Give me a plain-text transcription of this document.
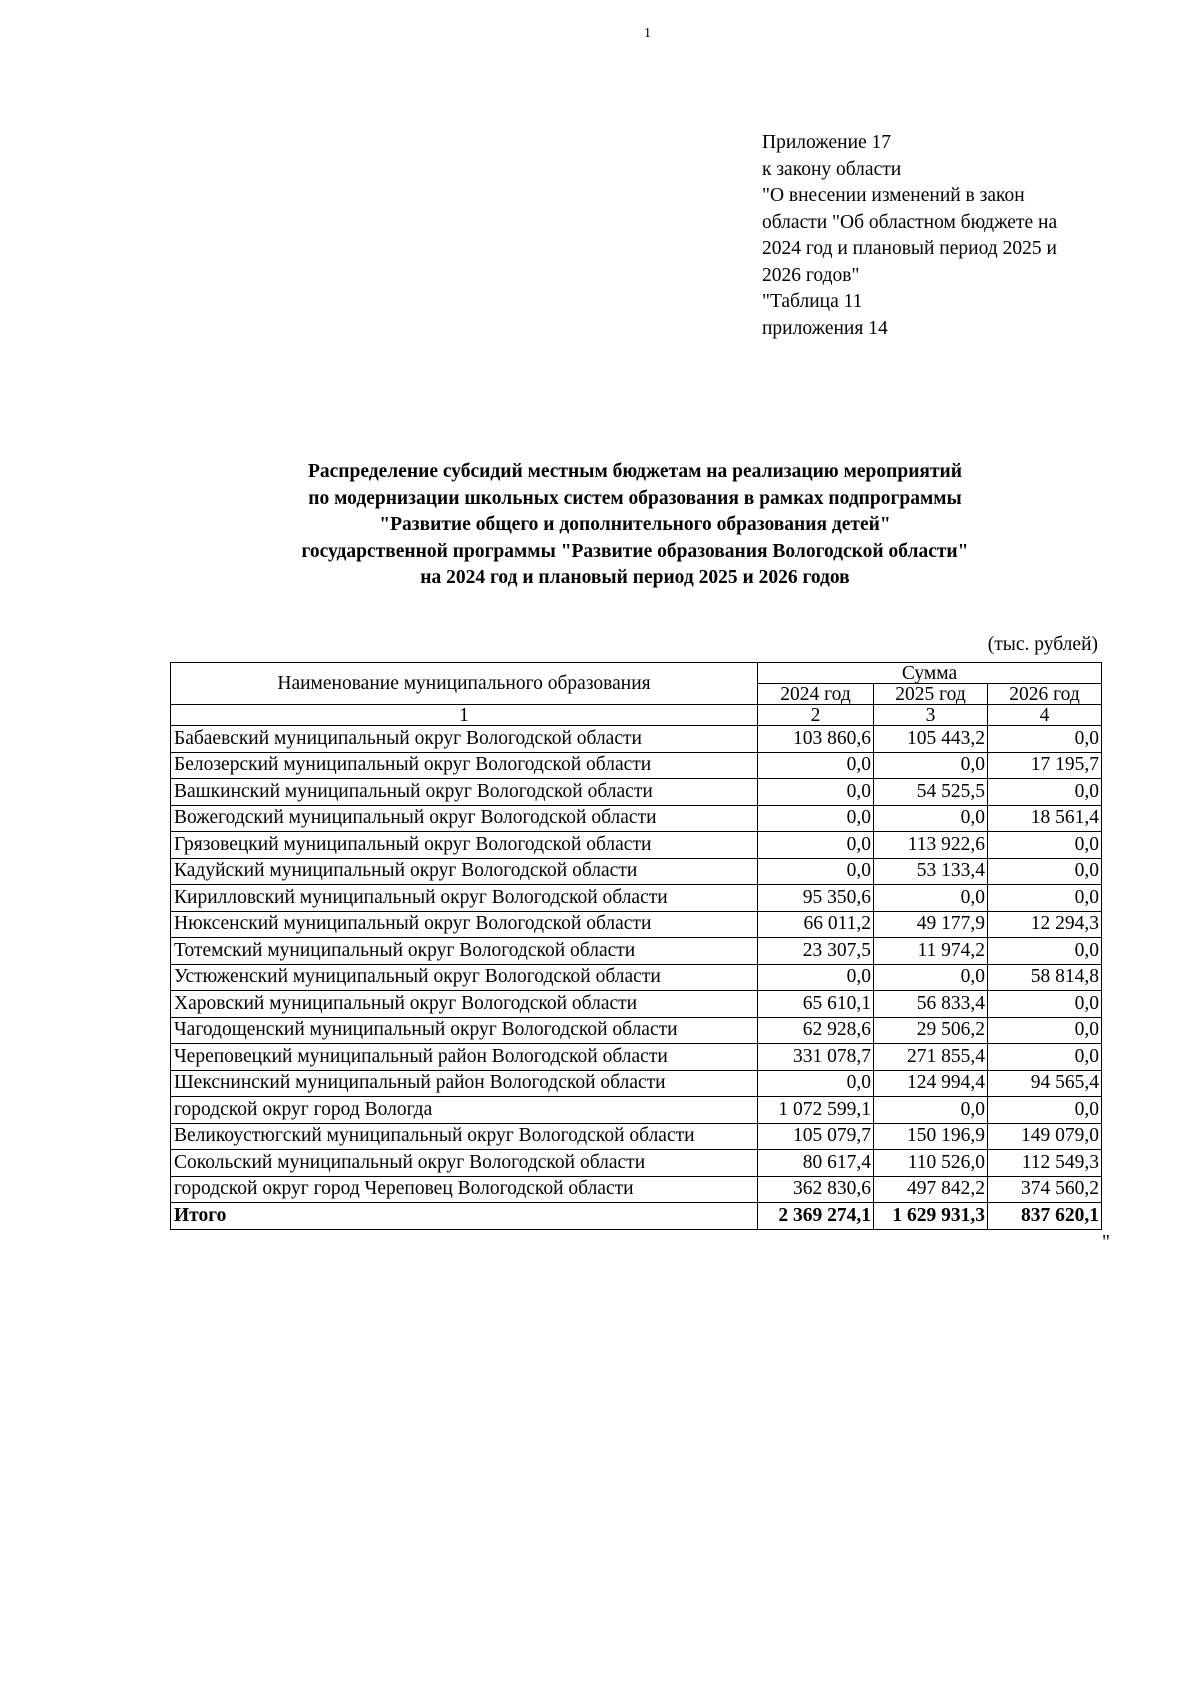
1
Приложение 17
к закону области
"О внесении изменений в закон
области "Об областном бюджете на
2024 год и плановый период 2025 и
2026 годов"
"Таблица 11
приложения 14
Распределение субсидий местным бюджетам на реализацию мероприятий
по модернизации школьных систем образования в рамках подпрограммы
"Развитие общего и дополнительного образования детей"
государственной программы "Развитие образования Вологодской области"
на 2024 год и плановый период 2025 и 2026 годов
(тыс. рублей)
Наименование муниципального образования	Сумма		
	2024 год	2025 год	2026 год
1	2	3	4
Бабаевский муниципальный округ Вологодской области	103 860,6	105 443,2	0,0
Белозерский муниципальный округ Вологодской области	0,0	0,0	17 195,7
Вашкинский муниципальный округ Вологодской области	0,0	54 525,5	0,0
Вожегодский муниципальный округ Вологодской области	0,0	0,0	18 561,4
Грязовецкий муниципальный округ Вологодской области	0,0	113 922,6	0,0
Кадуйский муниципальный округ Вологодской области	0,0	53 133,4	0,0
Кирилловский муниципальный округ Вологодской области	95 350,6	0,0	0,0
Нюксенский муниципальный округ Вологодской области	66 011,2	49 177,9	12 294,3
Тотемский муниципальный округ Вологодской области	23 307,5	11 974,2	0,0
Устюженский муниципальный округ Вологодской области	0,0	0,0	58 814,8
Харовский муниципальный округ Вологодской области	65 610,1	56 833,4	0,0
Чагодощенский муниципальный округ Вологодской области	62 928,6	29 506,2	0,0
Череповецкий муниципальный район Вологодской области	331 078,7	271 855,4	0,0
Шекснинский муниципальный район Вологодской области	0,0	124 994,4	94 565,4
городской округ город Вологда	1 072 599,1	0,0	0,0
Великоустюгский муниципальный округ Вологодской области	105 079,7	150 196,9	149 079,0
Сокольский муниципальный округ Вологодской области	80 617,4	110 526,0	112 549,3
городской округ город Череповец Вологодской области	362 830,6	497 842,2	374 560,2
Итого	2 369 274,1	1 629 931,3	837 620,1
"
